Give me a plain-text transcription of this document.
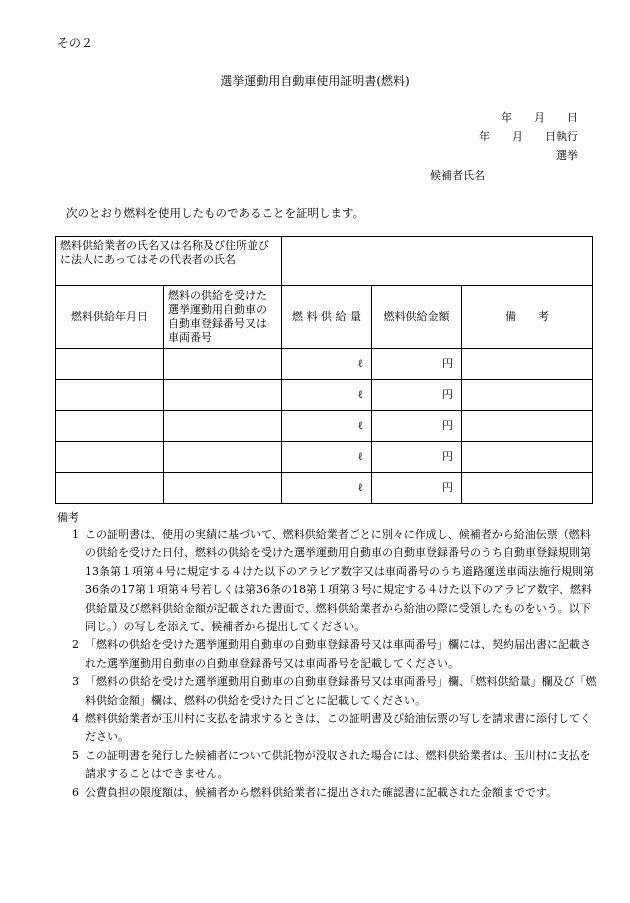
その２
選挙運動用自動車使用証明書(燃料)
年 月 日
年 月 日執行
選挙
候補者氏名
次のとおり燃料を使用したものであることを証明します。
燃料供給業者の氏名又は名称及び住所並びに法人にあってはその代表者の氏名				
燃料供給年月日	燃料の供給を受けた選挙運動用自動車の自動車登録番号又は車両番号	燃 料 供 給 量	燃料供給金額	備　　考
		ℓ	円	
		ℓ	円	
		ℓ	円	
		ℓ	円	
		ℓ	円	
備考
1 この証明書は、使用の実績に基づいて、燃料供給業者ごとに別々に作成し、候補者から給油伝票（燃料の供給を受けた日付、燃料の供給を受けた選挙運動用自動車の自動車登録番号のうち自動車登録規則第13条第１項第４号に規定する４けた以下のアラビア数字又は車両番号のうち道路運送車両法施行規則第36条の17第１項第４号若しくは第36条の18第１項第３号に規定する４けた以下のアラビア数字、燃料供給量及び燃料供給金額が記載された書面で、燃料供給業者から給油の際に受領したものをいう。以下同じ。）の写しを添えて、候補者から提出してください。
2 「燃料の供給を受けた選挙運動用自動車の自動車登録番号又は車両番号」欄には、契約届出書に記載された選挙運動用自動車の自動車登録番号又は車両番号を記載してください。
3 「燃料の供給を受けた選挙運動用自動車の自動車登録番号又は車両番号」欄、「燃料供給量」欄及び「燃料供給金額」欄は、燃料の供給を受けた日ごとに記載してください。
4 燃料供給業者が玉川村に支払を請求するときは、この証明書及び給油伝票の写しを請求書に添付してください。
5 この証明書を発行した候補者について供託物が没収された場合には、燃料供給業者は、玉川村に支払を請求することはできません。
6 公費負担の限度額は、候補者から燃料供給業者に提出された確認書に記載された金額までです。
